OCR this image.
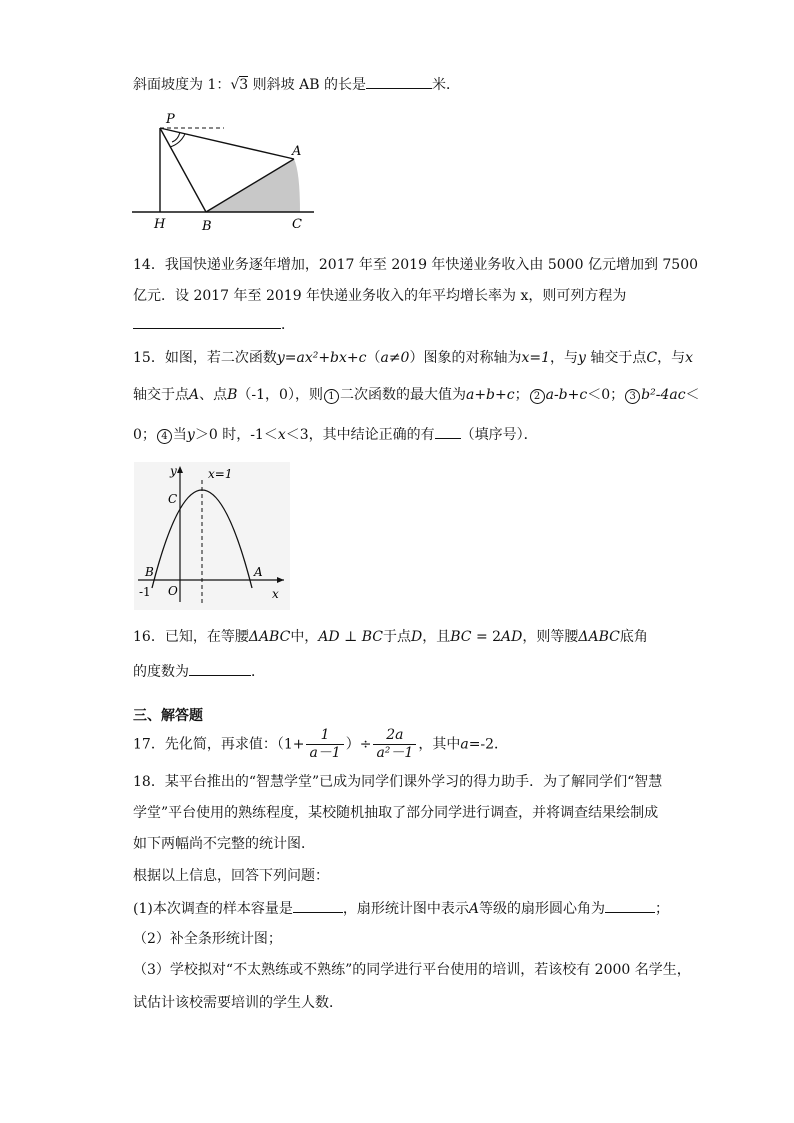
斜面坡度为 1：√3 则斜坡 AB 的长是	米．
P
A
H	B	C
14．我国快递业务逐年增加，2017 年至 2019 年快递业务收入由 5000 亿元增加到 7500
亿元．设 2017 年至 2019 年快递业务收入的年平均增长率为 x，则可列方程为
．
15．如图，若二次函数y=ax²+bx+c（a≠0）图象的对称轴为x=1，与y 轴交于点C，与x
轴交于点A、点B（-1，0），则 1 二次函数的最大值为a+b+c； 2 a-b+c＜0； 3 b²-4ac＜
0； 4 当y＞0 时，-1＜x＜3，其中结论正确的有 （填序号）．
y	x=1
C
B	A
O
-1	x
16．已知，在等腰ΔABC中，AD ⊥ BC于点D，且BC = 2AD，则等腰ΔABC底角
的度数为	．
三、解答题
17．先化简，再求值：（$1+ \frac{1}{a-1}$ ）÷ $\frac{2a}{\text{a²－1}}$ ，其中a=-2．
18．某平台推出的“智慧学堂”已成为同学们课外学习的得力助手．为了解同学们“智慧
学堂”平台使用的熟练程度，某校随机抽取了部分同学进行调查，并将调查结果绘制成
如下两幅尚不完整的统计图．
根据以上信息，回答下列问题：
(1)本次调查的样本容量是	，扇形统计图中表示A等级的扇形圆心角为	；
（2）补全条形统计图；
（3）学校拟对“不太熟练或不熟练”的同学进行平台使用的培训，若该校有 2000 名学生，
试估计该校需要培训的学生人数．
